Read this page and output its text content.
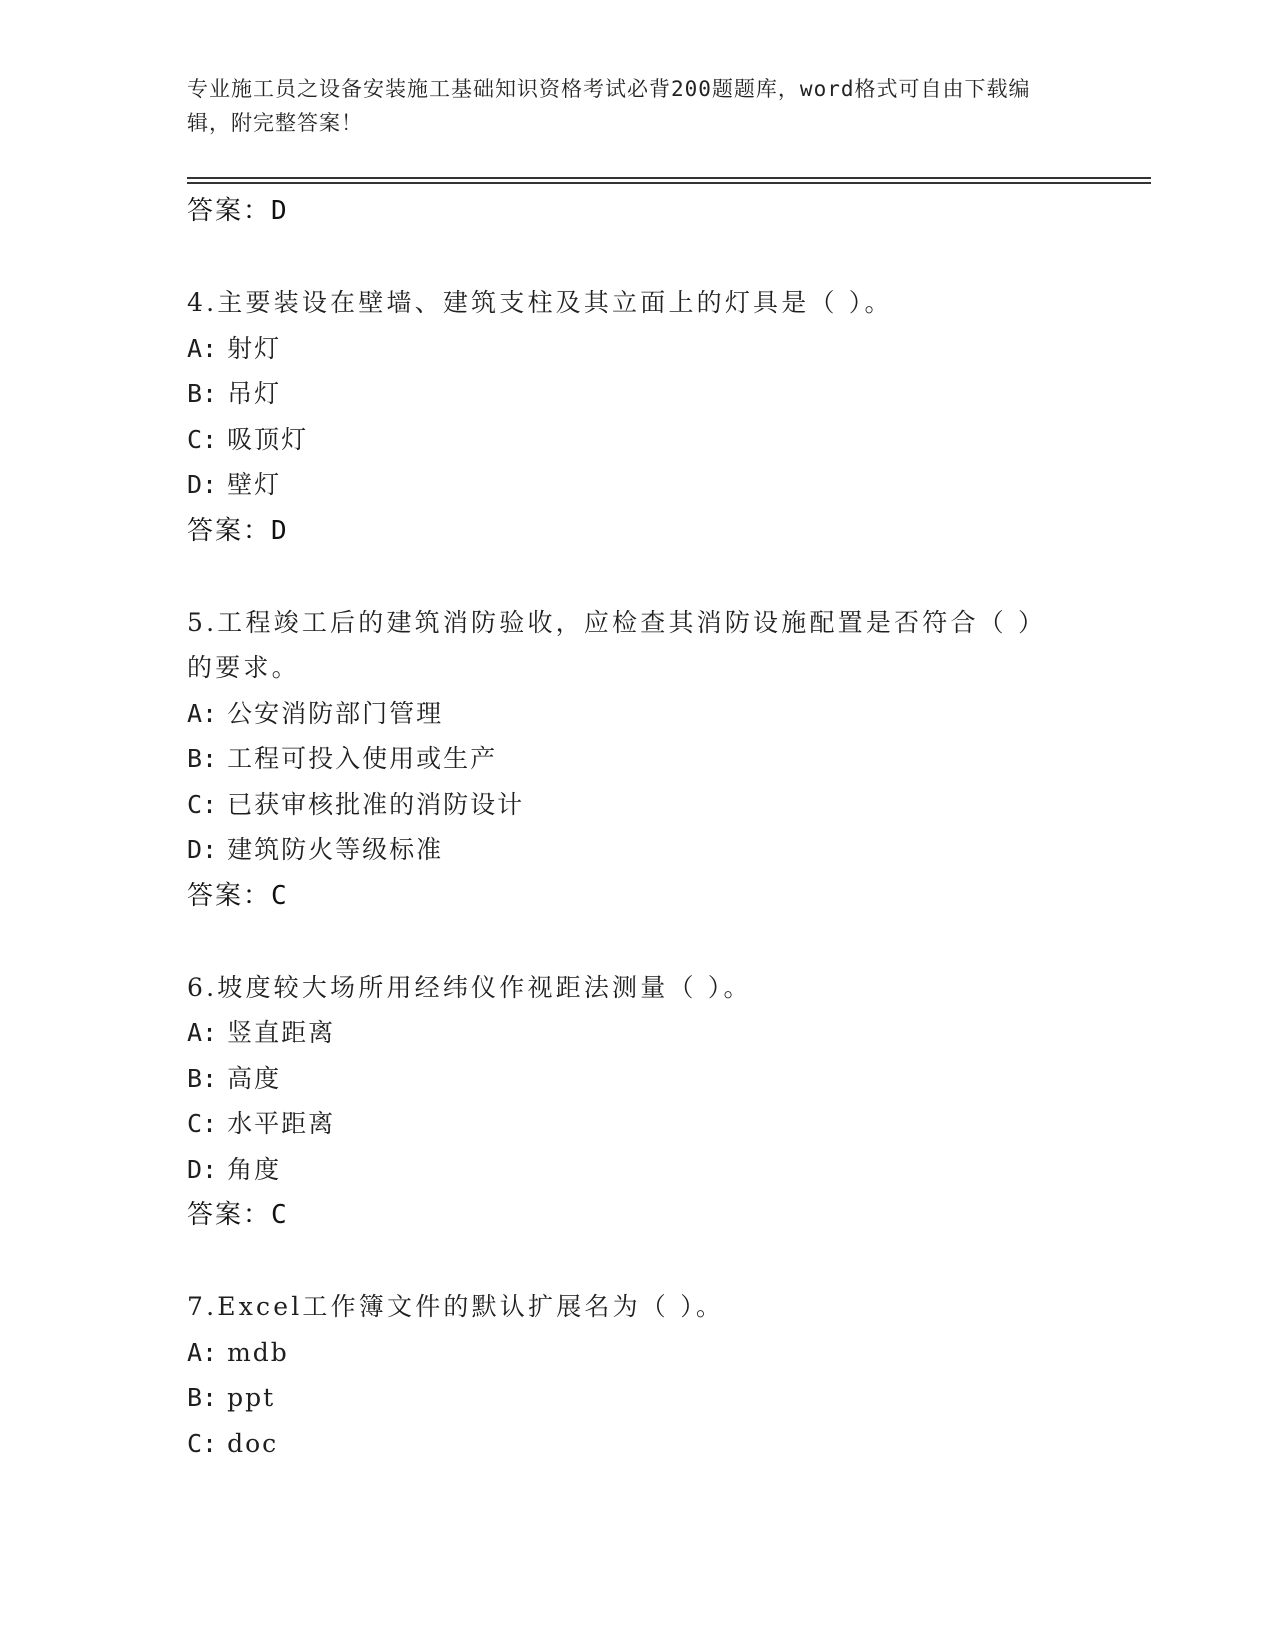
专业施工员之设备安装施工基础知识资格考试必背200题题库，word格式可自由下载编辑，附完整答案！
答案：D
4.主要装设在壁墙、建筑支柱及其立面上的灯具是（ ）。
A: 射灯
B: 吊灯
C: 吸顶灯
D: 壁灯
答案：D
5.工程竣工后的建筑消防验收，应检查其消防设施配置是否符合（ ）的要求。
A: 公安消防部门管理
B: 工程可投入使用或生产
C: 已获审核批准的消防设计
D: 建筑防火等级标准
答案：C
6.坡度较大场所用经纬仪作视距法测量（ ）。
A: 竖直距离
B: 高度
C: 水平距离
D: 角度
答案：C
7.Excel工作簿文件的默认扩展名为（ ）。
A: mdb
B: ppt
C: doc
